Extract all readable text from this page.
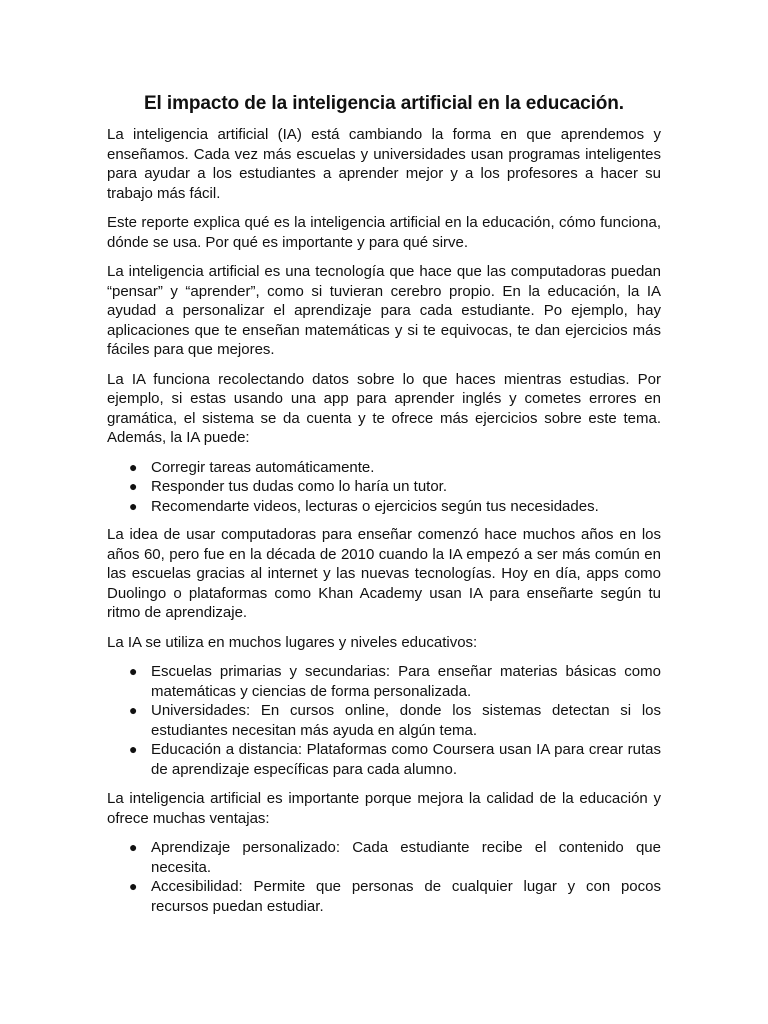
El impacto de la inteligencia artificial en la educación.

La inteligencia artificial (IA) está cambiando la forma en que aprendemos y enseñamos. Cada vez más escuelas y universidades usan programas inteligentes para ayudar a los estudiantes a aprender mejor y a los profesores a hacer su trabajo más fácil.

Este reporte explica qué es la inteligencia artificial en la educación, cómo funciona, dónde se usa. Por qué es importante y para qué sirve.

La inteligencia artificial es una tecnología que hace que las computadoras puedan “pensar” y “aprender”, como si tuvieran cerebro propio. En la educación, la IA ayudad a personalizar el aprendizaje para cada estudiante. Po ejemplo, hay aplicaciones que te enseñan matemáticas y si te equivocas, te dan ejercicios más fáciles para que mejores.

La IA funciona recolectando datos sobre lo que haces mientras estudias. Por ejemplo, si estas usando una app para aprender inglés y cometes errores en gramática, el sistema se da cuenta y te ofrece más ejercicios sobre este tema. Además, la IA puede:

● Corregir tareas automáticamente.
● Responder tus dudas como lo haría un tutor.
● Recomendarte videos, lecturas o ejercicios según tus necesidades.

La idea de usar computadoras para enseñar comenzó hace muchos años en los años 60, pero fue en la década de 2010 cuando la IA empezó a ser más común en las escuelas gracias al internet y las nuevas tecnologías. Hoy en día, apps como Duolingo o plataformas como Khan Academy usan IA para enseñarte según tu ritmo de aprendizaje.

La IA se utiliza en muchos lugares y niveles educativos:

● Escuelas primarias y secundarias: Para enseñar materias básicas como matemáticas y ciencias de forma personalizada.
● Universidades: En cursos online, donde los sistemas detectan si los estudiantes necesitan más ayuda en algún tema.
● Educación a distancia: Plataformas como Coursera usan IA para crear rutas de aprendizaje específicas para cada alumno.

La inteligencia artificial es importante porque mejora la calidad de la educación y ofrece muchas ventajas:

● Aprendizaje personalizado: Cada estudiante recibe el contenido que necesita.
● Accesibilidad: Permite que personas de cualquier lugar y con pocos recursos puedan estudiar.
